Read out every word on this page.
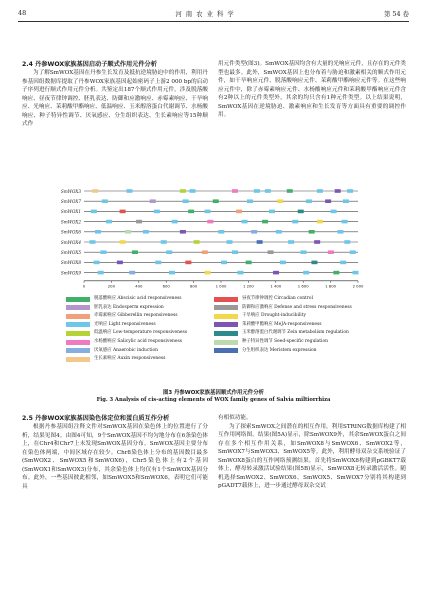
48	河 南 农 业 科 学	第 54 卷
2.4 丹参WOX家族基因启动子顺式作用元件分析

为了解SmWOX基因在丹参生长发育及抵抗逆境胁迫中的作用，利用丹参基因组数据库提取了丹参WOX家族基因起始密码子上游2 000 bp的启动子序列进行顺式作用元件分析。共鉴定出187个顺式作用元件，涉及脱落酸响应、昼夜节律钟调控、胚乳表达、防御和应激响应、赤霉素响应、干旱响应、光响应、茉莉酸甲酯响应、低温响应、玉米醇溶蛋白代谢调节、水杨酸响应、种子特异性调节、厌氧感应、分生组织表达、生长素响应等15种顺式作

用元件类型(图3)。SmWOX基因均含有大量的光响应元件，且存在的元件类型也最多。此外，SmWOX基因上也分布着与胁迫和激素相关的顺式作用元件，如干旱响应元件、脱落酸响应元件、茉莉酸甲酯响应元件等。在这些响应元件中，除了赤霉素响应元件、水杨酸响应元件和茉莉酸甲酯响应元件含有2种以上的元件类型外，其余的均只含有1种元件类型。以上结果说明，SmWOX基因在逆境胁迫、激素响应和生长发育等方面具有重要的调控作用。

SmWOX3
SmWOX7
SmWOX1
SmWOX2
SmWOX6
SmWOX4
SmWOX5
SmWOX8
SmWOX9
0	200	400	600	800	1 000	1 200	1 400	1 600	1 800	2 000
脱落酸响应 Abscisic acid responsiveness
胚乳表达 Endosperm expression
赤霉素响应 Gibberellin responsiveness
光响应 Light responsiveness
低温响应 Low-temperature responsiveness
水杨酸响应 Salicylic acid responsiveness
厌氧感应 Anaerobic induction
生长素响应 Auxin responsiveness
昼夜节律钟调控 Circadian control
防御和应激响应 Defense and stress responsiveness
干旱响应 Drought-inducibility
茉莉酸甲酯响应 MeJA-responsiveness
玉米醇溶蛋白代谢调节 Zein metabolism regulation
种子特异性调节 Seed-specific regulation
分生组织表达 Meristem expression
图3 丹参WOX家族基因顺式作用元件分析
Fig. 3 Analysis of cis-acting elements of WOX family genes of Salvia miltiorrhiza
2.5 丹参WOX家族基因染色体定位和蛋白质互作分析

根据丹参基因组注释文件对SmWOX基因在染色体上的位置进行了分析，结果见图4。由图4可知，9个SmWOX基因不均匀地分布在6条染色体上，在Chr4和Chr7上未发现SmWOX基因分布。SmWOX基因主要分布在染色体两端，中间区域存在较少。Chr8染色体上分布的基因数目最多(SmWOX2、SmWOX5和SmWOX6)，Chr5染色体上有2个基因(SmWOX1和SmWOX3)分布，其余染色体上均仅有1个SmWOX基因分布。此外，一些基因彼此相邻，如SmWOX5和SmWOX6，表明它们可能具

有相似功能。

为了探索SmWOX之间潜在的相互作用，利用STRING数据库构建了相互作用网络图。结果(图5A)显示，除SmWOX9外，其余SmWOX蛋白之间存在多个相互作用关系，如SmWOX8与SmWOX6、SmWOX2等，SmWOX7与SmWOX3、SmWOX5等。此外，利用酵母双杂交系统验证了SmWOX8蛋白的互作网络预测结果。首先将SmWOX8构建到pGBKT7载体上，酵母转录激活试验结果(图5B)显示，SmWOX8无转录激活活性。随机选择SmWOX2、SmWOX6、SmWOX5、SmWOX7分别将其构建到pGADT7载体上，进一步通过酵母双杂交试
